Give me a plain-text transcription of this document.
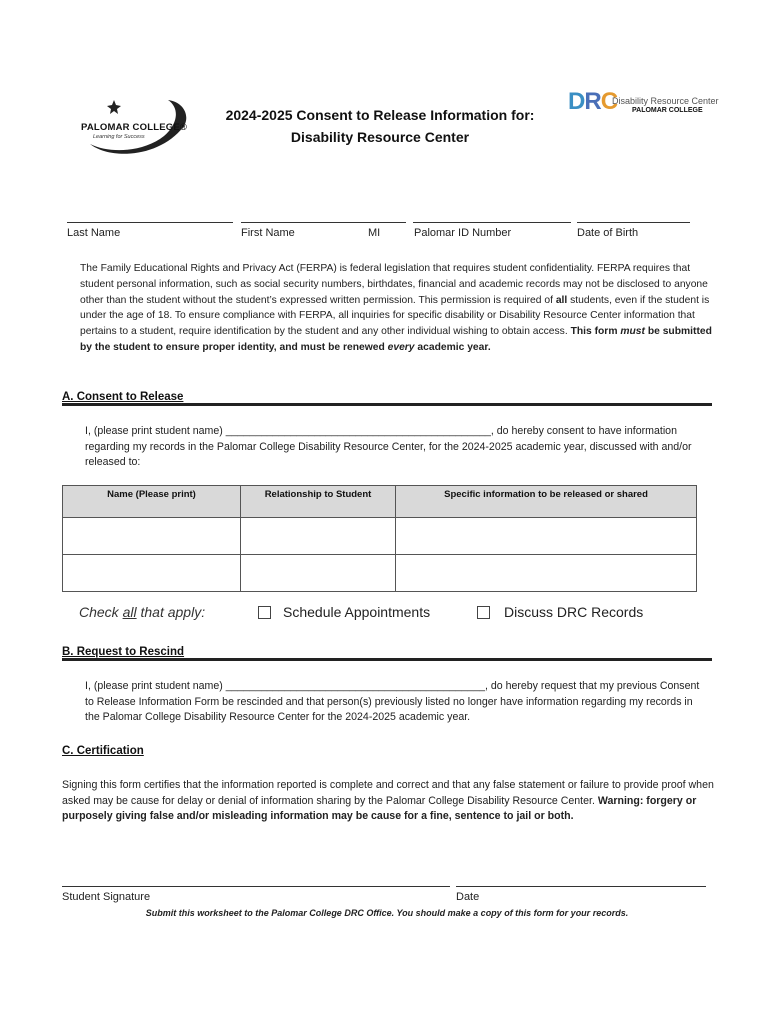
PALOMAR COLLEGE®
Learning for Success
2024-2025 Consent to Release Information for:
Disability Resource Center
DRC
Disability Resource Center
PALOMAR COLLEGE
Last Name	First Name	MI	Palomar ID Number	Date of Birth
The Family Educational Rights and Privacy Act (FERPA) is federal legislation that requires student confidentiality. FERPA requires that student personal information, such as social security numbers, birthdates, financial and academic records may not be disclosed to anyone other than the student without the student’s expressed written permission. This permission is required of all students, even if the student is under the age of 18. To ensure compliance with FERPA, all inquiries for specific disability or Disability Resource Center information that pertains to a student, require identification by the student and any other individual wishing to obtain access. This form must be submitted by the student to ensure proper identity, and must be renewed every academic year.
A. Consent to Release
I, (please print student name) _____________________________________________, do hereby consent to have information regarding my records in the Palomar College Disability Resource Center, for the 2024-2025 academic year, discussed with and/or released to:
Name (Please print)	Relationship to Student	Specific information to be released or shared

Check all that apply:	Schedule Appointments	Discuss DRC Records
B. Request to Rescind
I, (please print student name) ____________________________________________, do hereby request that my previous Consent to Release Information Form be rescinded and that person(s) previously listed no longer have information regarding my records in the Palomar College Disability Resource Center for the 2024-2025 academic year.
C. Certification
Signing this form certifies that the information reported is complete and correct and that any false statement or failure to provide proof when asked may be cause for delay or denial of information sharing by the Palomar College Disability Resource Center. Warning: forgery or purposely giving false and/or misleading information may be cause for a fine, sentence to jail or both.
Student Signature	Date
Submit this worksheet to the Palomar College DRC Office. You should make a copy of this form for your records.
